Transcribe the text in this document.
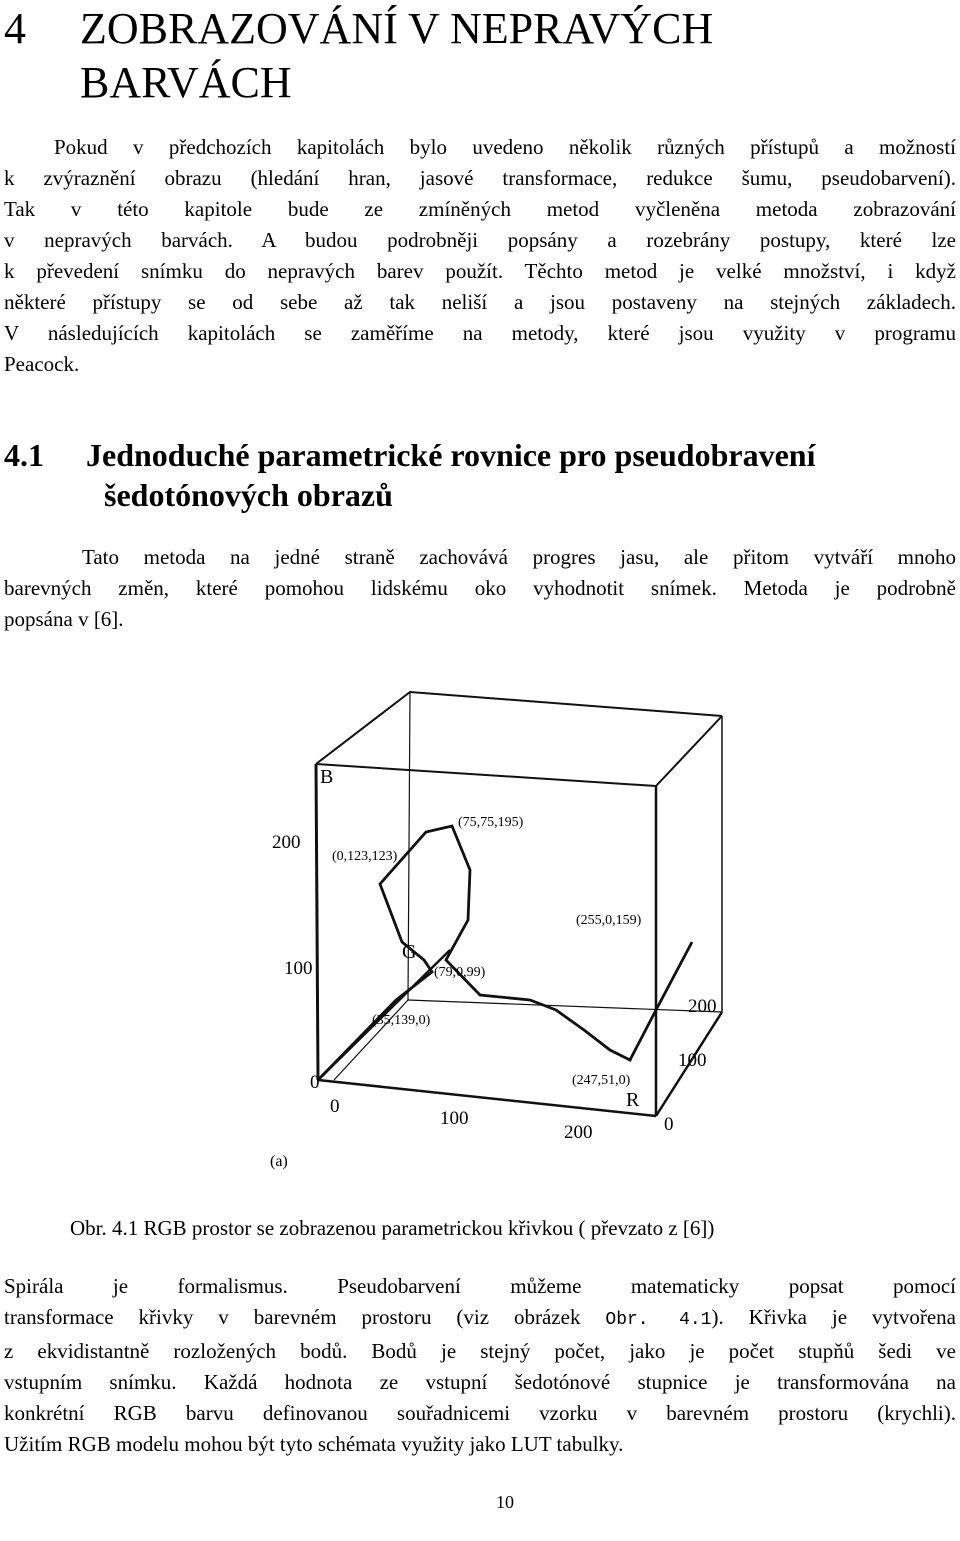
4 ZOBRAZOVÁNÍ V NEPRAVÝCH
BARVÁCH

Pokud v předchozích kapitolách bylo uvedeno několik různých přístupů a možností

k zvýraznění obrazu (hledání hran, jasové transformace, redukce šumu, pseudobarvení).

Tak v této kapitole bude ze zmíněných metod vyčleněna metoda zobrazování

v nepravých barvách. A budou podrobněji popsány a rozebrány postupy, které lze

k převedení snímku do nepravých barev použít. Těchto metod je velké množství, i když

některé přístupy se od sebe až tak neliší a jsou postaveny na stejných základech.

V následujících kapitolách se zaměříme na metody, které jsou využity v programu

Peacock.

4.1 Jednoduché parametrické rovnice pro pseudobravení
šedotónových obrazů

Tato metoda na jedné straně zachovává progres jasu, ale přitom vytváří mnoho

barevných změn, které pomohou lidskému oko vyhodnotit snímek. Metoda je podrobně

popsána v [6].

B
G
R
200
100
0
0
100
200
200
100
0
(75,75,195)
(0,123,123)
(255,0,159)
(79,0,99)
(35,139,0)
(247,51,0)
(a)
Obr. 4.1 RGB prostor se zobrazenou parametrickou křivkou ( převzato z [6])

Spirála je formalismus. Pseudobarvení můžeme matematicky popsat pomocí

transformace křivky v barevném prostoru (viz obrázek Obr. 4.1). Křivka je vytvořena

z ekvidistantně rozložených bodů. Bodů je stejný počet, jako je počet stupňů šedi ve

vstupním snímku. Každá hodnota ze vstupní šedotónové stupnice je transformována na

konkrétní RGB barvu definovanou souřadnicemi vzorku v barevném prostoru (krychli).

Užitím RGB modelu mohou být tyto schémata využity jako LUT tabulky.

10
